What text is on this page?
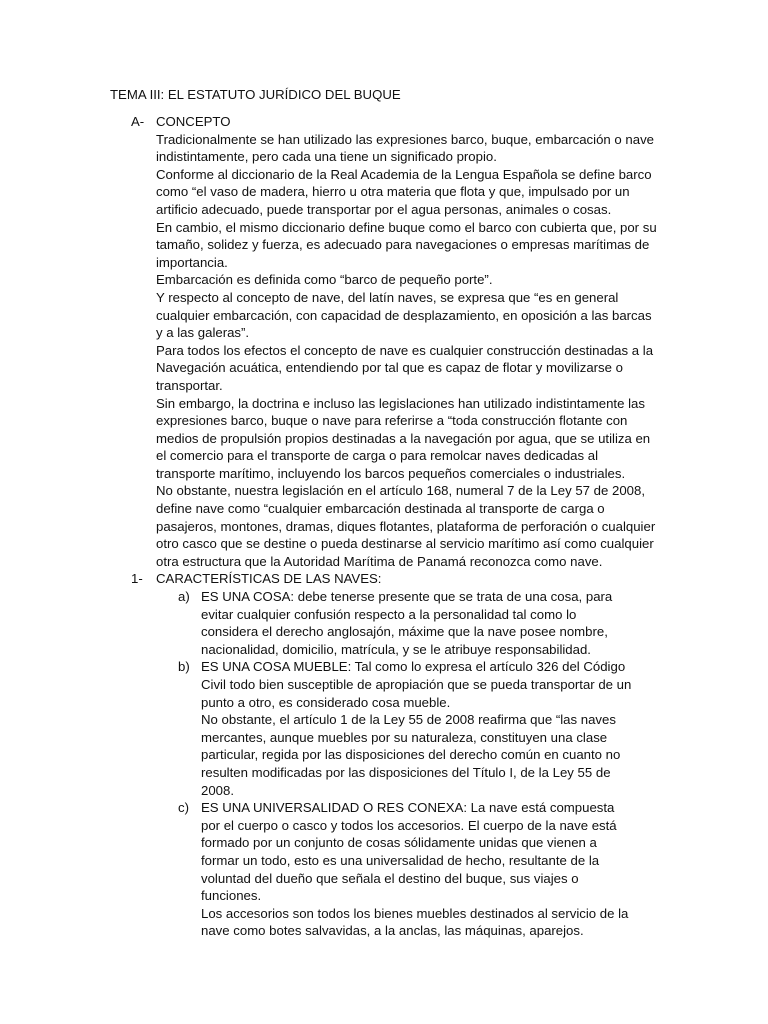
TEMA III: EL ESTATUTO JURÍDICO DEL BUQUE
A- CONCEPTO

Tradicionalmente se han utilizado las expresiones barco, buque, embarcación o nave indistintamente, pero cada una tiene un significado propio.

Conforme al diccionario de la Real Academia de la Lengua Española se define barco como “el vaso de madera, hierro u otra materia que flota y que, impulsado por un artificio adecuado, puede transportar por el agua personas, animales o cosas.

En cambio, el mismo diccionario define buque como el barco con cubierta que, por su tamaño, solidez y fuerza, es adecuado para navegaciones o empresas marítimas de importancia.

Embarcación es definida como “barco de pequeño porte”.

Y respecto al concepto de nave, del latín naves, se expresa que “es en general cualquier embarcación, con capacidad de desplazamiento, en oposición a las barcas y a las galeras”.

Para todos los efectos el concepto de nave es cualquier construcción destinadas a la Navegación acuática, entendiendo por tal que es capaz de flotar y movilizarse o transportar.

Sin embargo, la doctrina e incluso las legislaciones han utilizado indistintamente las expresiones barco, buque o nave para referirse a “toda construcción flotante con medios de propulsión propios destinadas a la navegación por agua, que se utiliza en el comercio para el transporte de carga o para remolcar naves dedicadas al transporte marítimo, incluyendo los barcos pequeños comerciales o industriales.

No obstante, nuestra legislación en el artículo 168, numeral 7 de la Ley 57 de 2008, define nave como “cualquier embarcación destinada al transporte de carga o pasajeros, montones, dramas, diques flotantes, plataforma de perforación o cualquier otro casco que se destine o pueda destinarse al servicio marítimo así como cualquier otra estructura que la Autoridad Marítima de Panamá reconozca como nave.

1- CARACTERÍSTICAS DE LAS NAVES:
a) ES UNA COSA: debe tenerse presente que se trata de una cosa, para evitar cualquier confusión respecto a la personalidad tal como lo considera el derecho anglosajón, máxime que la nave posee nombre, nacionalidad, domicilio, matrícula, y se le atribuye responsabilidad.

b) ES UNA COSA MUEBLE: Tal como lo expresa el artículo 326 del Código Civil todo bien susceptible de apropiación que se pueda transportar de un punto a otro, es considerado cosa mueble.

No obstante, el artículo 1 de la Ley 55 de 2008 reafirma que “las naves mercantes, aunque muebles por su naturaleza, constituyen una clase particular, regida por las disposiciones del derecho común en cuanto no resulten modificadas por las disposiciones del Título I, de la Ley 55 de 2008.

c) ES UNA UNIVERSALIDAD O RES CONEXA: La nave está compuesta por el cuerpo o casco y todos los accesorios. El cuerpo de la nave está formado por un conjunto de cosas sólidamente unidas que vienen a formar un todo, esto es una universalidad de hecho, resultante de la voluntad del dueño que señala el destino del buque, sus viajes o funciones.

Los accesorios son todos los bienes muebles destinados al servicio de la nave como botes salvavidas, a la anclas, las máquinas, aparejos.
